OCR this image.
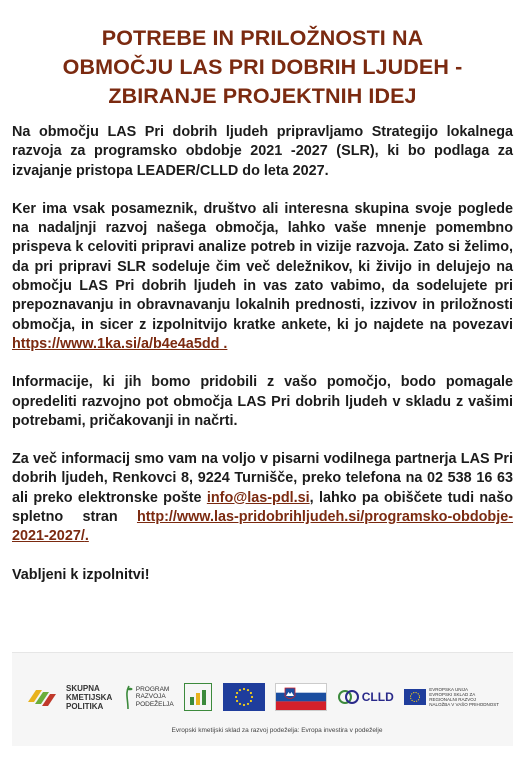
POTREBE IN PRILOŽNOSTI NA
OBMOČJU LAS PRI DOBRIH LJUDEH -
ZBIRANJE PROJEKTNIH IDEJ

Na območju LAS Pri dobrih ljudeh pripravljamo Strategijo lokalnega razvoja za programsko obdobje 2021 -2027 (SLR), ki bo podlaga za izvajanje pristopa LEADER/CLLD do leta 2027.

Ker ima vsak posameznik, društvo ali interesna skupina svoje poglede na nadaljnji razvoj našega območja, lahko vaše mnenje pomembno prispeva k celoviti pripravi analize potreb in vizije razvoja. Zato si želimo, da pri pripravi SLR sodeluje čim več deležnikov, ki živijo in delujejo na območju LAS Pri dobrih ljudeh in vas zato vabimo, da sodelujete pri prepoznavanju in obravnavanju lokalnih prednosti, izzivov in priložnosti območja, in sicer z izpolnitvijo kratke ankete, ki jo najdete na povezavi https://www.1ka.si/a/b4e4a5dd .

Informacije, ki jih bomo pridobili z vašo pomočjo, bodo pomagale opredeliti razvojno pot območja LAS Pri dobrih ljudeh v skladu z vašimi potrebami, pričakovanji in načrti.

Za več informacij smo vam na voljo v pisarni vodilnega partnerja LAS Pri dobrih ljudeh, Renkovci 8, 9224 Turnišče, preko telefona na 02 538 16 63 ali preko elektronske pošte info@las-pdl.si, lahko pa obiščete tudi našo spletno stran http://www.las-pridobrihljudeh.si/programsko-obdobje-2021-2027/.

Vabljeni k izpolnitvi!

SKUPNA
KMETIJSKA
POLITIKA
PROGRAM
RAZVOJA
PODEŽELJA
CLLD
EVROPSKA UNIJA
EVROPSKI SKLAD ZA
REGIONALNI RAZVOJ
NALOŽBA V VAŠO PRIHODNOST
Evropski kmetijski sklad za razvoj podeželja: Evropa investira v podeželje
